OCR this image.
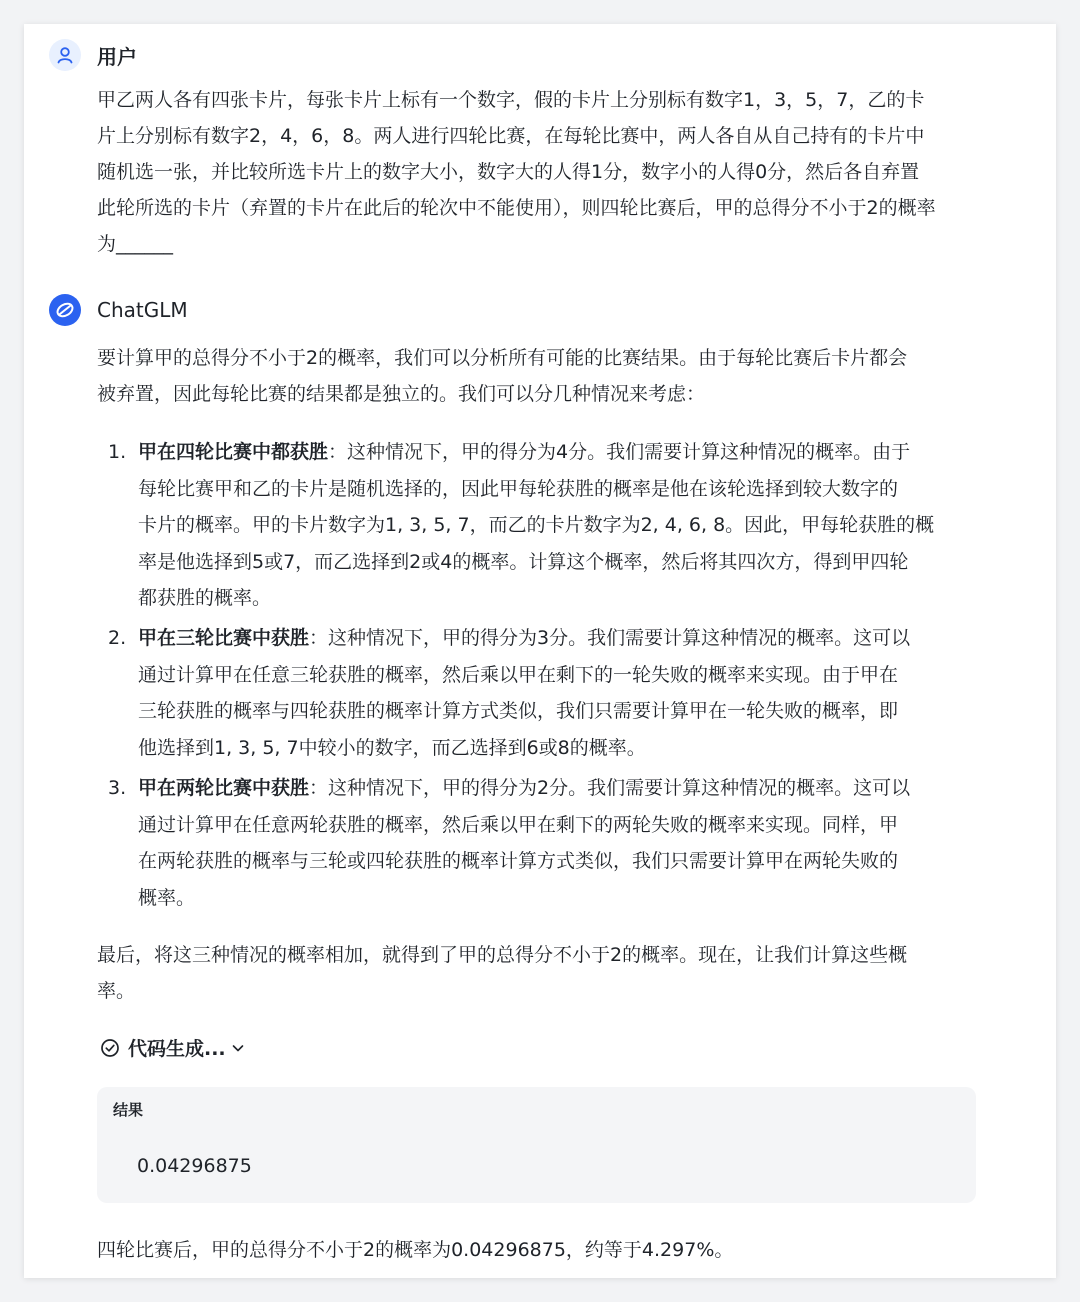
用户
甲乙两人各有四张卡片，每张卡片上标有一个数字，假的卡片上分别标有数字1，3，5，7，乙的卡
片上分别标有数字2，4，6，8。两人进行四轮比赛，在每轮比赛中，两人各自从自己持有的卡片中
随机选一张，并比较所选卡片上的数字大小，数字大的人得1分，数字小的人得0分，然后各自弃置
此轮所选的卡片（弃置的卡片在此后的轮次中不能使用），则四轮比赛后，甲的总得分不小于2的概率
为______
ChatGLM
要计算甲的总得分不小于2的概率，我们可以分析所有可能的比赛结果。由于每轮比赛后卡片都会
被弃置，因此每轮比赛的结果都是独立的。我们可以分几种情况来考虑：
1. 甲在四轮比赛中都获胜：这种情况下，甲的得分为4分。我们需要计算这种情况的概率。由于
每轮比赛甲和乙的卡片是随机选择的，因此甲每轮获胜的概率是他在该轮选择到较大数字的
卡片的概率。甲的卡片数字为1, 3, 5, 7，而乙的卡片数字为2, 4, 6, 8。因此，甲每轮获胜的概
率是他选择到5或7，而乙选择到2或4的概率。计算这个概率，然后将其四次方，得到甲四轮
都获胜的概率。
2. 甲在三轮比赛中获胜：这种情况下，甲的得分为3分。我们需要计算这种情况的概率。这可以
通过计算甲在任意三轮获胜的概率，然后乘以甲在剩下的一轮失败的概率来实现。由于甲在
三轮获胜的概率与四轮获胜的概率计算方式类似，我们只需要计算甲在一轮失败的概率，即
他选择到1, 3, 5, 7中较小的数字，而乙选择到6或8的概率。
3. 甲在两轮比赛中获胜：这种情况下，甲的得分为2分。我们需要计算这种情况的概率。这可以
通过计算甲在任意两轮获胜的概率，然后乘以甲在剩下的两轮失败的概率来实现。同样，甲
在两轮获胜的概率与三轮或四轮获胜的概率计算方式类似，我们只需要计算甲在两轮失败的
概率。
最后，将这三种情况的概率相加，就得到了甲的总得分不小于2的概率。现在，让我们计算这些概
率。
代码生成...
结果
0.04296875
四轮比赛后，甲的总得分不小于2的概率为0.04296875，约等于4.297%。
